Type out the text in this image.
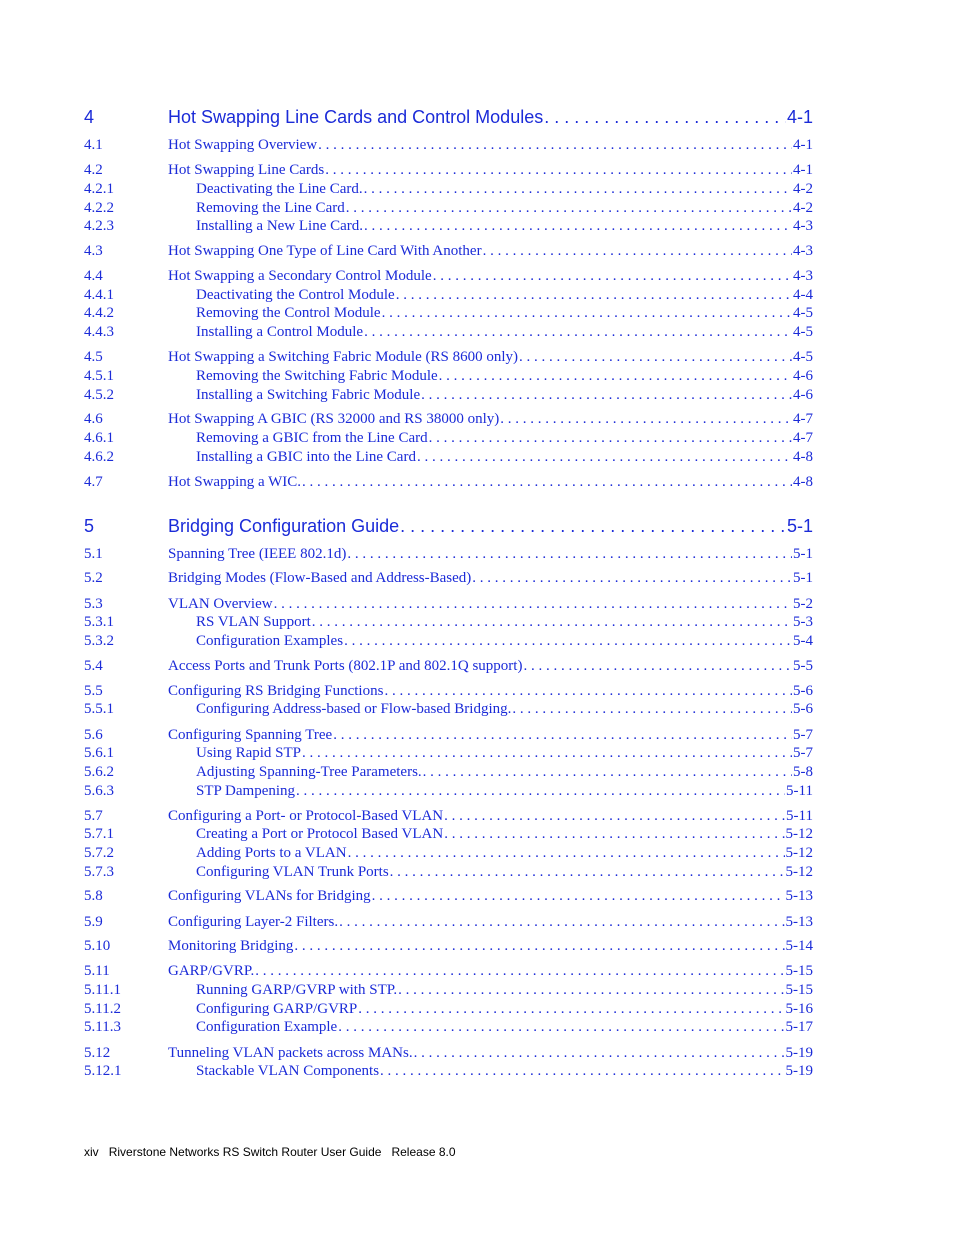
4	Hot Swapping Line Cards and Control Modules . . .	4-1
4.1	Hot Swapping Overview . . .	4-1
4.2	Hot Swapping Line Cards . . .	4-1
4.2.1	Deactivating the Line Card. . . .	4-2
4.2.2	Removing the Line Card . . .	4-2
4.2.3	Installing a New Line Card. . . .	4-3
4.3	Hot Swapping One Type of Line Card With Another . . .	4-3
4.4	Hot Swapping a Secondary Control Module . . .	4-3
4.4.1	Deactivating the Control Module . . .	4-4
4.4.2	Removing the Control Module . . .	4-5
4.4.3	Installing a Control Module . . .	4-5
4.5	Hot Swapping a Switching Fabric Module (RS 8600 only) . . .	4-5
4.5.1	Removing the Switching Fabric Module . . .	4-6
4.5.2	Installing a Switching Fabric Module . . .	4-6
4.6	Hot Swapping A GBIC (RS 32000 and RS 38000 only) . . .	4-7
4.6.1	Removing a GBIC from the Line Card . . .	4-7
4.6.2	Installing a GBIC into the Line Card . . .	4-8
4.7	Hot Swapping a WIC. . . .	4-8
5	Bridging Configuration Guide . . .	5-1
5.1	Spanning Tree (IEEE 802.1d) . . .	5-1
5.2	Bridging Modes (Flow-Based and Address-Based) . . .	5-1
5.3	VLAN Overview . . .	5-2
5.3.1	RS VLAN Support . . .	5-3
5.3.2	Configuration Examples . . .	5-4
5.4	Access Ports and Trunk Ports (802.1P and 802.1Q support) . . .	5-5
5.5	Configuring RS Bridging Functions . . .	5-6
5.5.1	Configuring Address-based or Flow-based Bridging. . . .	5-6
5.6	Configuring Spanning Tree . . .	5-7
5.6.1	Using Rapid STP . . .	5-7
5.6.2	Adjusting Spanning-Tree Parameters. . . .	5-8
5.6.3	STP Dampening . . .	5-11
5.7	Configuring a Port- or Protocol-Based VLAN . . .	5-11
5.7.1	Creating a Port or Protocol Based VLAN . . .	5-12
5.7.2	Adding Ports to a VLAN . . .	5-12
5.7.3	Configuring VLAN Trunk Ports . . .	5-12
5.8	Configuring VLANs for Bridging . . .	5-13
5.9	Configuring Layer-2 Filters. . . .	5-13
5.10	Monitoring Bridging . . .	5-14
5.11	GARP/GVRP. . . .	5-15
5.11.1	Running GARP/GVRP with STP. . . .	5-15
5.11.2	Configuring GARP/GVRP . . .	5-16
5.11.3	Configuration Example . . .	5-17
5.12	Tunneling VLAN packets across MANs. . . .	5-19
5.12.1	Stackable VLAN Components . . .	5-19
xiv Riverstone Networks RS Switch Router User Guide Release 8.0
